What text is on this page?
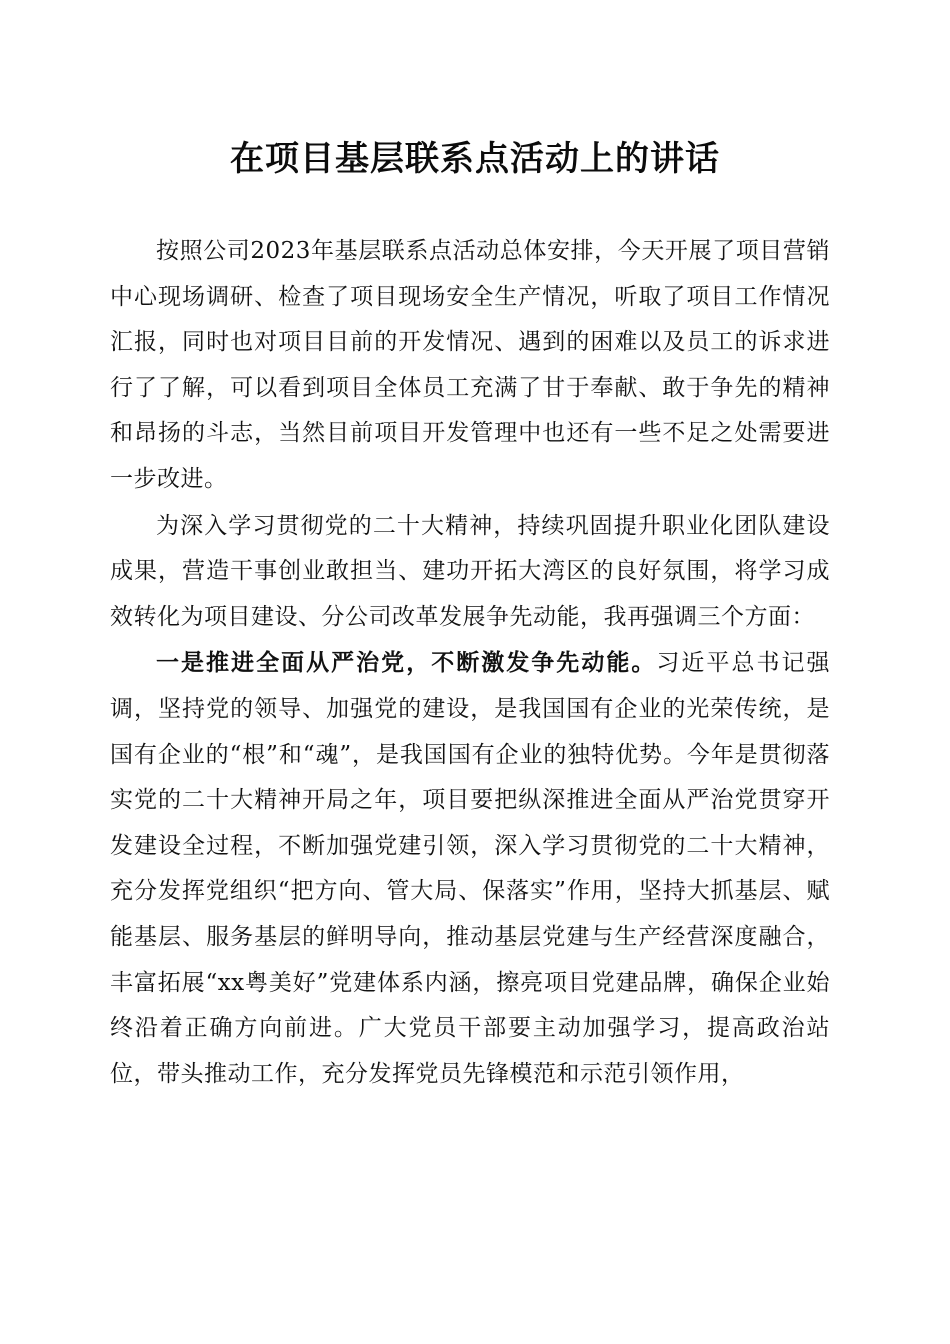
在项目基层联系点活动上的讲话

按照公司2023年基层联系点活动总体安排，今天开展了项目营销中心现场调研、检查了项目现场安全生产情况，听取了项目工作情况汇报，同时也对项目目前的开发情况、遇到的困难以及员工的诉求进行了了解，可以看到项目全体员工充满了甘于奉献、敢于争先的精神和昂扬的斗志，当然目前项目开发管理中也还有一些不足之处需要进一步改进。

为深入学习贯彻党的二十大精神，持续巩固提升职业化团队建设成果，营造干事创业敢担当、建功开拓大湾区的良好氛围，将学习成效转化为项目建设、分公司改革发展争先动能，我再强调三个方面：

一是推进全面从严治党，不断激发争先动能。习近平总书记强调，坚持党的领导、加强党的建设，是我国国有企业的光荣传统，是国有企业的“根”和“魂”，是我国国有企业的独特优势。今年是贯彻落实党的二十大精神开局之年，项目要把纵深推进全面从严治党贯穿开发建设全过程，不断加强党建引领，深入学习贯彻党的二十大精神，充分发挥党组织“把方向、管大局、保落实”作用，坚持大抓基层、赋能基层、服务基层的鲜明导向，推动基层党建与生产经营深度融合，丰富拓展“xx粤美好”党建体系内涵，擦亮项目党建品牌，确保企业始终沿着正确方向前进。广大党员干部要主动加强学习，提高政治站位，带头推动工作，充分发挥党员先锋模范和示范引领作用，
